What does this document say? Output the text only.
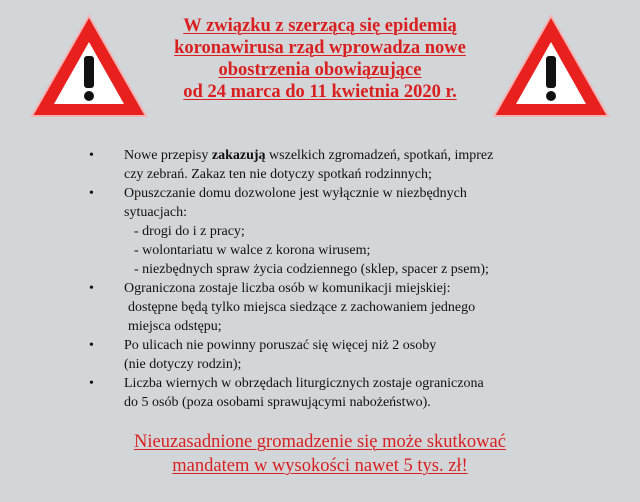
W związku z szerzącą się epidemią
koronawirusa rząd wprowadza nowe
obostrzenia obowiązujące
od 24 marca do 11 kwietnia 2020 r.
• Nowe przepisy zakazują wszelkich zgromadzeń, spotkań, imprez
czy zebrań. Zakaz ten nie dotyczy spotkań rodzinnych;
• Opuszczanie domu dozwolone jest wyłącznie w niezbędnych
sytuacjach:
- drogi do i z pracy;
- wolontariatu w walce z korona wirusem;
- niezbędnych spraw życia codziennego (sklep, spacer z psem);
• Ograniczona zostaje liczba osób w komunikacji miejskiej:
dostępne będą tylko miejsca siedzące z zachowaniem jednego
miejsca odstępu;
• Po ulicach nie powinny poruszać się więcej niż 2 osoby
(nie dotyczy rodzin);
• Liczba wiernych w obrzędach liturgicznych zostaje ograniczona
do 5 osób (poza osobami sprawującymi nabożeństwo).
Nieuzasadnione gromadzenie się może skutkować
mandatem w wysokości nawet 5 tys. zł!
